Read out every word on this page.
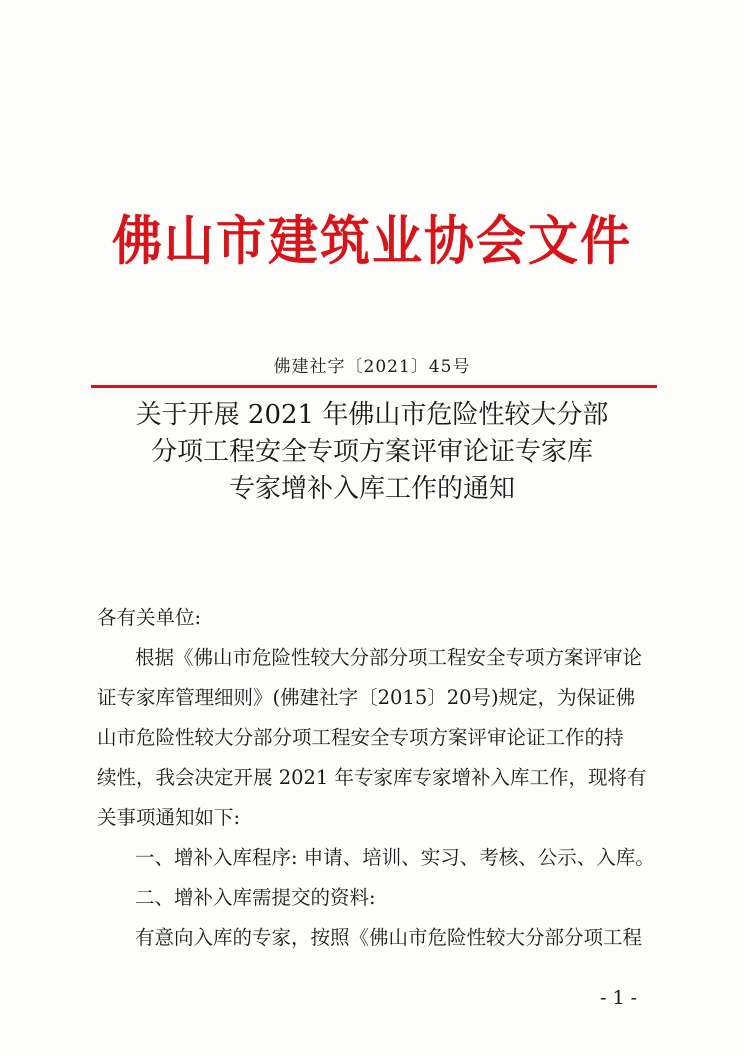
佛山市建筑业协会文件
佛建社字〔2021〕45号
关于开展 2021 年佛山市危险性较大分部
分项工程安全专项方案评审论证专家库
专家增补入库工作的通知
各有关单位:
根据《佛山市危险性较大分部分项工程安全专项方案评审论
证专家库管理细则》(佛建社字〔2015〕20号)规定，为保证佛
山市危险性较大分部分项工程安全专项方案评审论证工作的持
续性，我会决定开展 2021 年专家库专家增补入库工作，现将有
关事项通知如下:
一、增补入库程序: 申请、培训、实习、考核、公示、入库。
二、增补入库需提交的资料:
有意向入库的专家，按照《佛山市危险性较大分部分项工程
- 1 -
